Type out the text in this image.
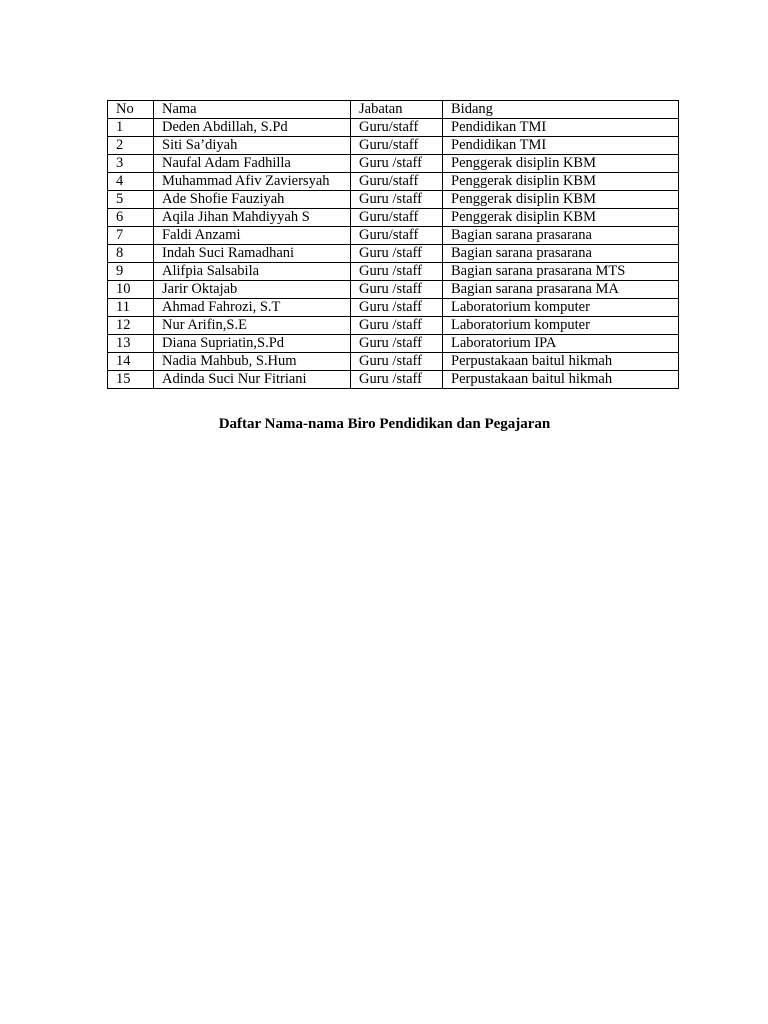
No	Nama	Jabatan	Bidang
1	Deden Abdillah, S.Pd	Guru/staff	Pendidikan TMI
2	Siti Sa’diyah	Guru/staff	Pendidikan TMI
3	Naufal Adam Fadhilla	Guru /staff	Penggerak disiplin KBM
4	Muhammad Afiv Zaviersyah	Guru/staff	Penggerak disiplin KBM
5	Ade Shofie Fauziyah	Guru /staff	Penggerak disiplin KBM
6	Aqila Jihan Mahdiyyah S	Guru/staff	Penggerak disiplin KBM
7	Faldi Anzami	Guru/staff	Bagian sarana prasarana
8	Indah Suci Ramadhani	Guru /staff	Bagian sarana prasarana
9	Alifpia Salsabila	Guru /staff	Bagian sarana prasarana MTS
10	Jarir Oktajab	Guru /staff	Bagian sarana prasarana MA
11	Ahmad Fahrozi, S.T	Guru /staff	Laboratorium komputer
12	Nur Arifin,S.E	Guru /staff	Laboratorium komputer
13	Diana Supriatin,S.Pd	Guru /staff	Laboratorium IPA
14	Nadia Mahbub, S.Hum	Guru /staff	Perpustakaan baitul hikmah
15	Adinda Suci Nur Fitriani	Guru /staff	Perpustakaan baitul hikmah
Daftar Nama-nama Biro Pendidikan dan Pegajaran
